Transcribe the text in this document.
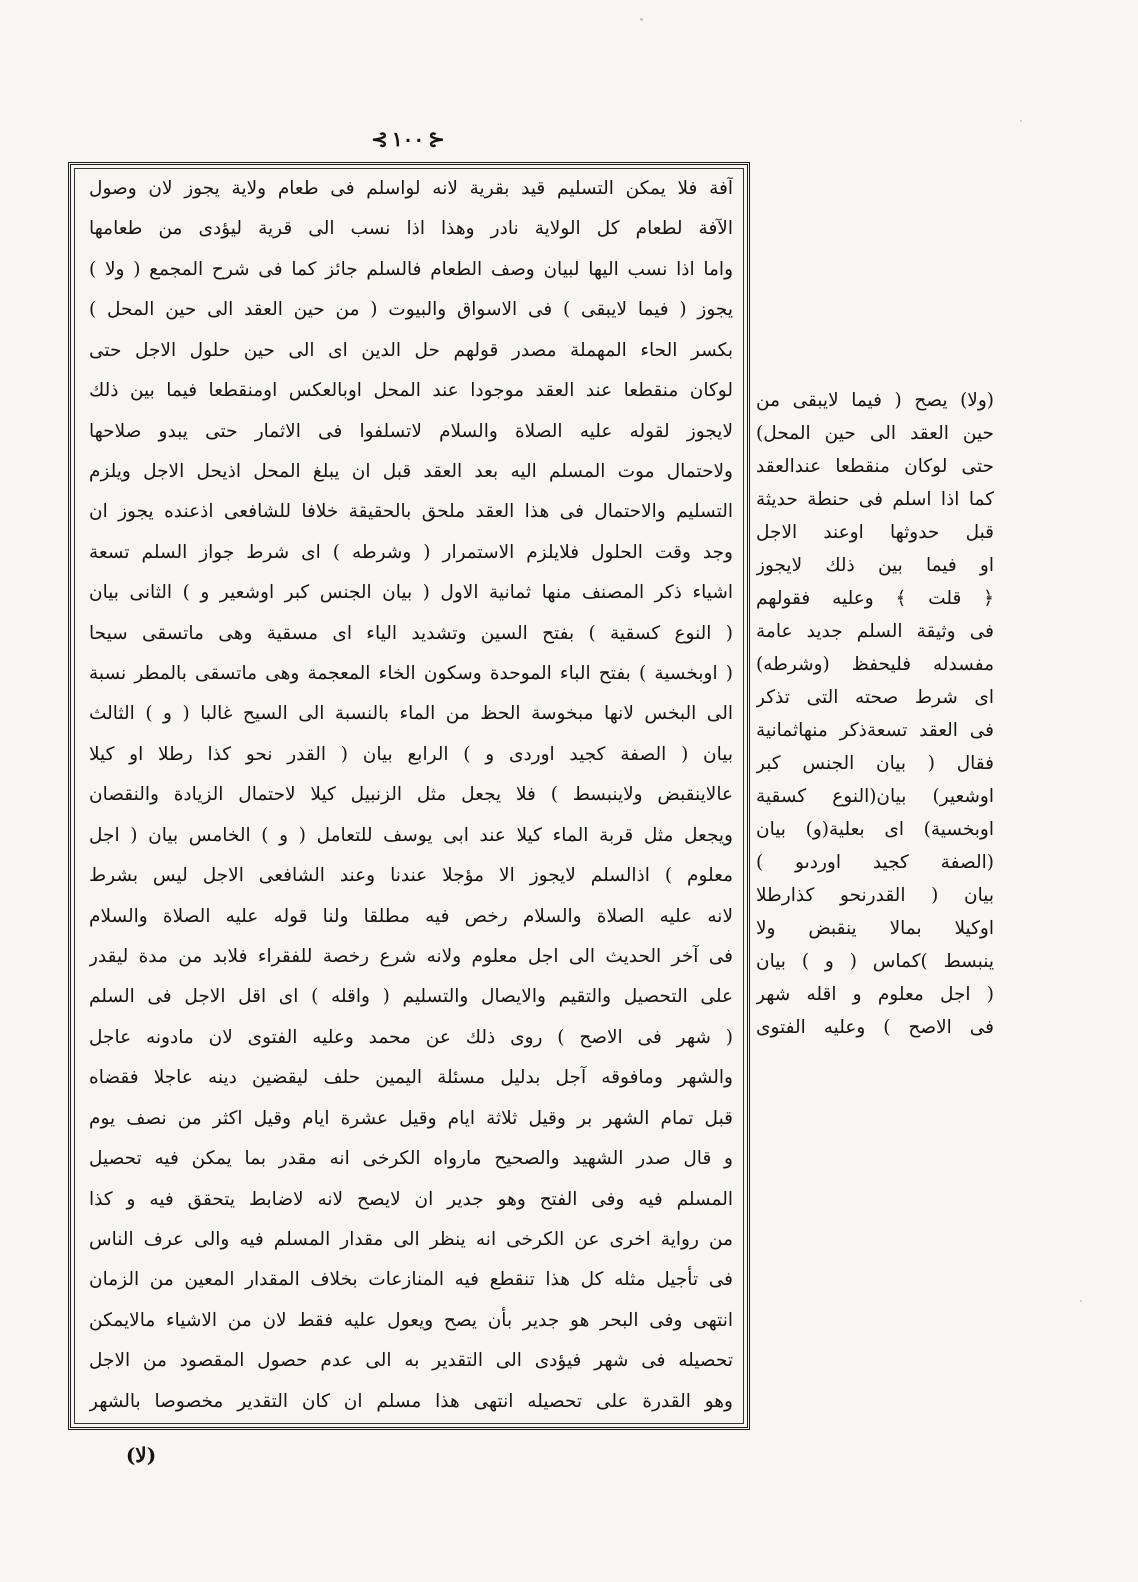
⊰ ١٠٠ ⊱
آفة فلا يمكن التسليم قيد بقرية لانه لواسلم فى طعام ولاية يجوز لان وصول
الآفة لطعام كل الولاية نادر وهذا اذا نسب الى قرية ليؤدى من طعامها
واما اذا نسب اليها لبيان وصف الطعام فالسلم جائز كما فى شرح المجمع ( ولا )
يجوز ( فيما لايبقى ) فى الاسواق والبيوت ( من حين العقد الى حين المحل )
بكسر الحاء المهملة مصدر قولهم حل الدين اى الى حين حلول الاجل حتى
لوكان منقطعا عند العقد موجودا عند المحل اوبالعكس اومنقطعا فيما بين ذلك
لايجوز لقوله عليه الصلاة والسلام لاتسلفوا فى الاثمار حتى يبدو صلاحها
ولاحتمال موت المسلم اليه بعد العقد قبل ان يبلغ المحل اذيحل الاجل ويلزم
التسليم والاحتمال فى هذا العقد ملحق بالحقيقة خلافا للشافعى اذعنده يجوز ان
وجد وقت الحلول فلايلزم الاستمرار ( وشرطه ) اى شرط جواز السلم تسعة
اشياء ذكر المصنف منها ثمانية الاول ( بيان الجنس كبر اوشعير و ) الثانى بيان
( النوع كسقية ) بفتح السين وتشديد الياء اى مسقية وهى ماتسقى سيحا
( اوبخسية ) بفتح الباء الموحدة وسكون الخاء المعجمة وهى ماتسقى بالمطر نسبة
الى البخس لانها مبخوسة الحظ من الماء بالنسبة الى السيح غالبا ( و ) الثالث
بيان ( الصفة كجيد اوردى و ) الرابع بيان ( القدر نحو كذا رطلا او كيلا
عالاينقبض ولاينبسط ) فلا يجعل مثل الزنبيل كيلا لاحتمال الزيادة والنقصان
ويجعل مثل قربة الماء كيلا عند ابى يوسف للتعامل ( و ) الخامس بيان ( اجل
معلوم ) اذالسلم لايجوز الا مؤجلا عندنا وعند الشافعى الاجل ليس بشرط
لانه عليه الصلاة والسلام رخص فيه مطلقا ولنا قوله عليه الصلاة والسلام
فى آخر الحديث الى اجل معلوم ولانه شرع رخصة للفقراء فلابد من مدة ليقدر
على التحصيل والتقيم والايصال والتسليم ( واقله ) اى اقل الاجل فى السلم
( شهر فى الاصح ) روى ذلك عن محمد وعليه الفتوى لان مادونه عاجل
والشهر ومافوقه آجل بدليل مسئلة اليمين حلف ليقضين دينه عاجلا فقضاه
قبل تمام الشهر بر وقيل ثلاثة ايام وقيل عشرة ايام وقيل اكثر من نصف يوم
و قال صدر الشهيد والصحيح مارواه الكرخى انه مقدر بما يمكن فيه تحصيل
المسلم فيه وفى الفتح وهو جدير ان لايصح لانه لاضابط يتحقق فيه و كذا
من رواية اخرى عن الكرخى انه ينظر الى مقدار المسلم فيه والى عرف الناس
فى تأجيل مثله كل هذا تنقطع فيه المنازعات بخلاف المقدار المعين من الزمان
انتهى وفى البحر هو جدير بأن يصح ويعول عليه فقط لان من الاشياء مالايمكن
تحصيله فى شهر فيؤدى الى التقدير به الى عدم حصول المقصود من الاجل
وهو القدرة على تحصيله انتهى هذا مسلم ان كان التقدير مخصوصا بالشهر
(ولا) يصح ( فيما لايبقى من
حين العقد الى حين المحل)
حتى لوكان منقطعا عندالعقد
كما اذا اسلم فى حنطة حديثة
قبل حدوثها اوعند الاجل
او فيما بين ذلك لايجوز
﴿ قلت ﴾ وعليه فقولهم
فى وثيقة السلم جديد عامة
مفسدله فليحفظ (وشرطه)
اى شرط صحته التى تذكر
فى العقد تسعةذكر منهاثمانية
فقال ( بيان الجنس كبر
اوشعير) بيان(النوع كسقية
اوبخسية) اى بعلية(و) بيان
(الصفة كجيد اوردىو )
بيان ( القدرنحو كذارطلا
اوكيلا بمالا ينقبض ولا
ينبسط )كماس ( و ) بيان
( اجل معلوم و اقله شهر
فى الاصح ) وعليه الفتوى
(لا)
